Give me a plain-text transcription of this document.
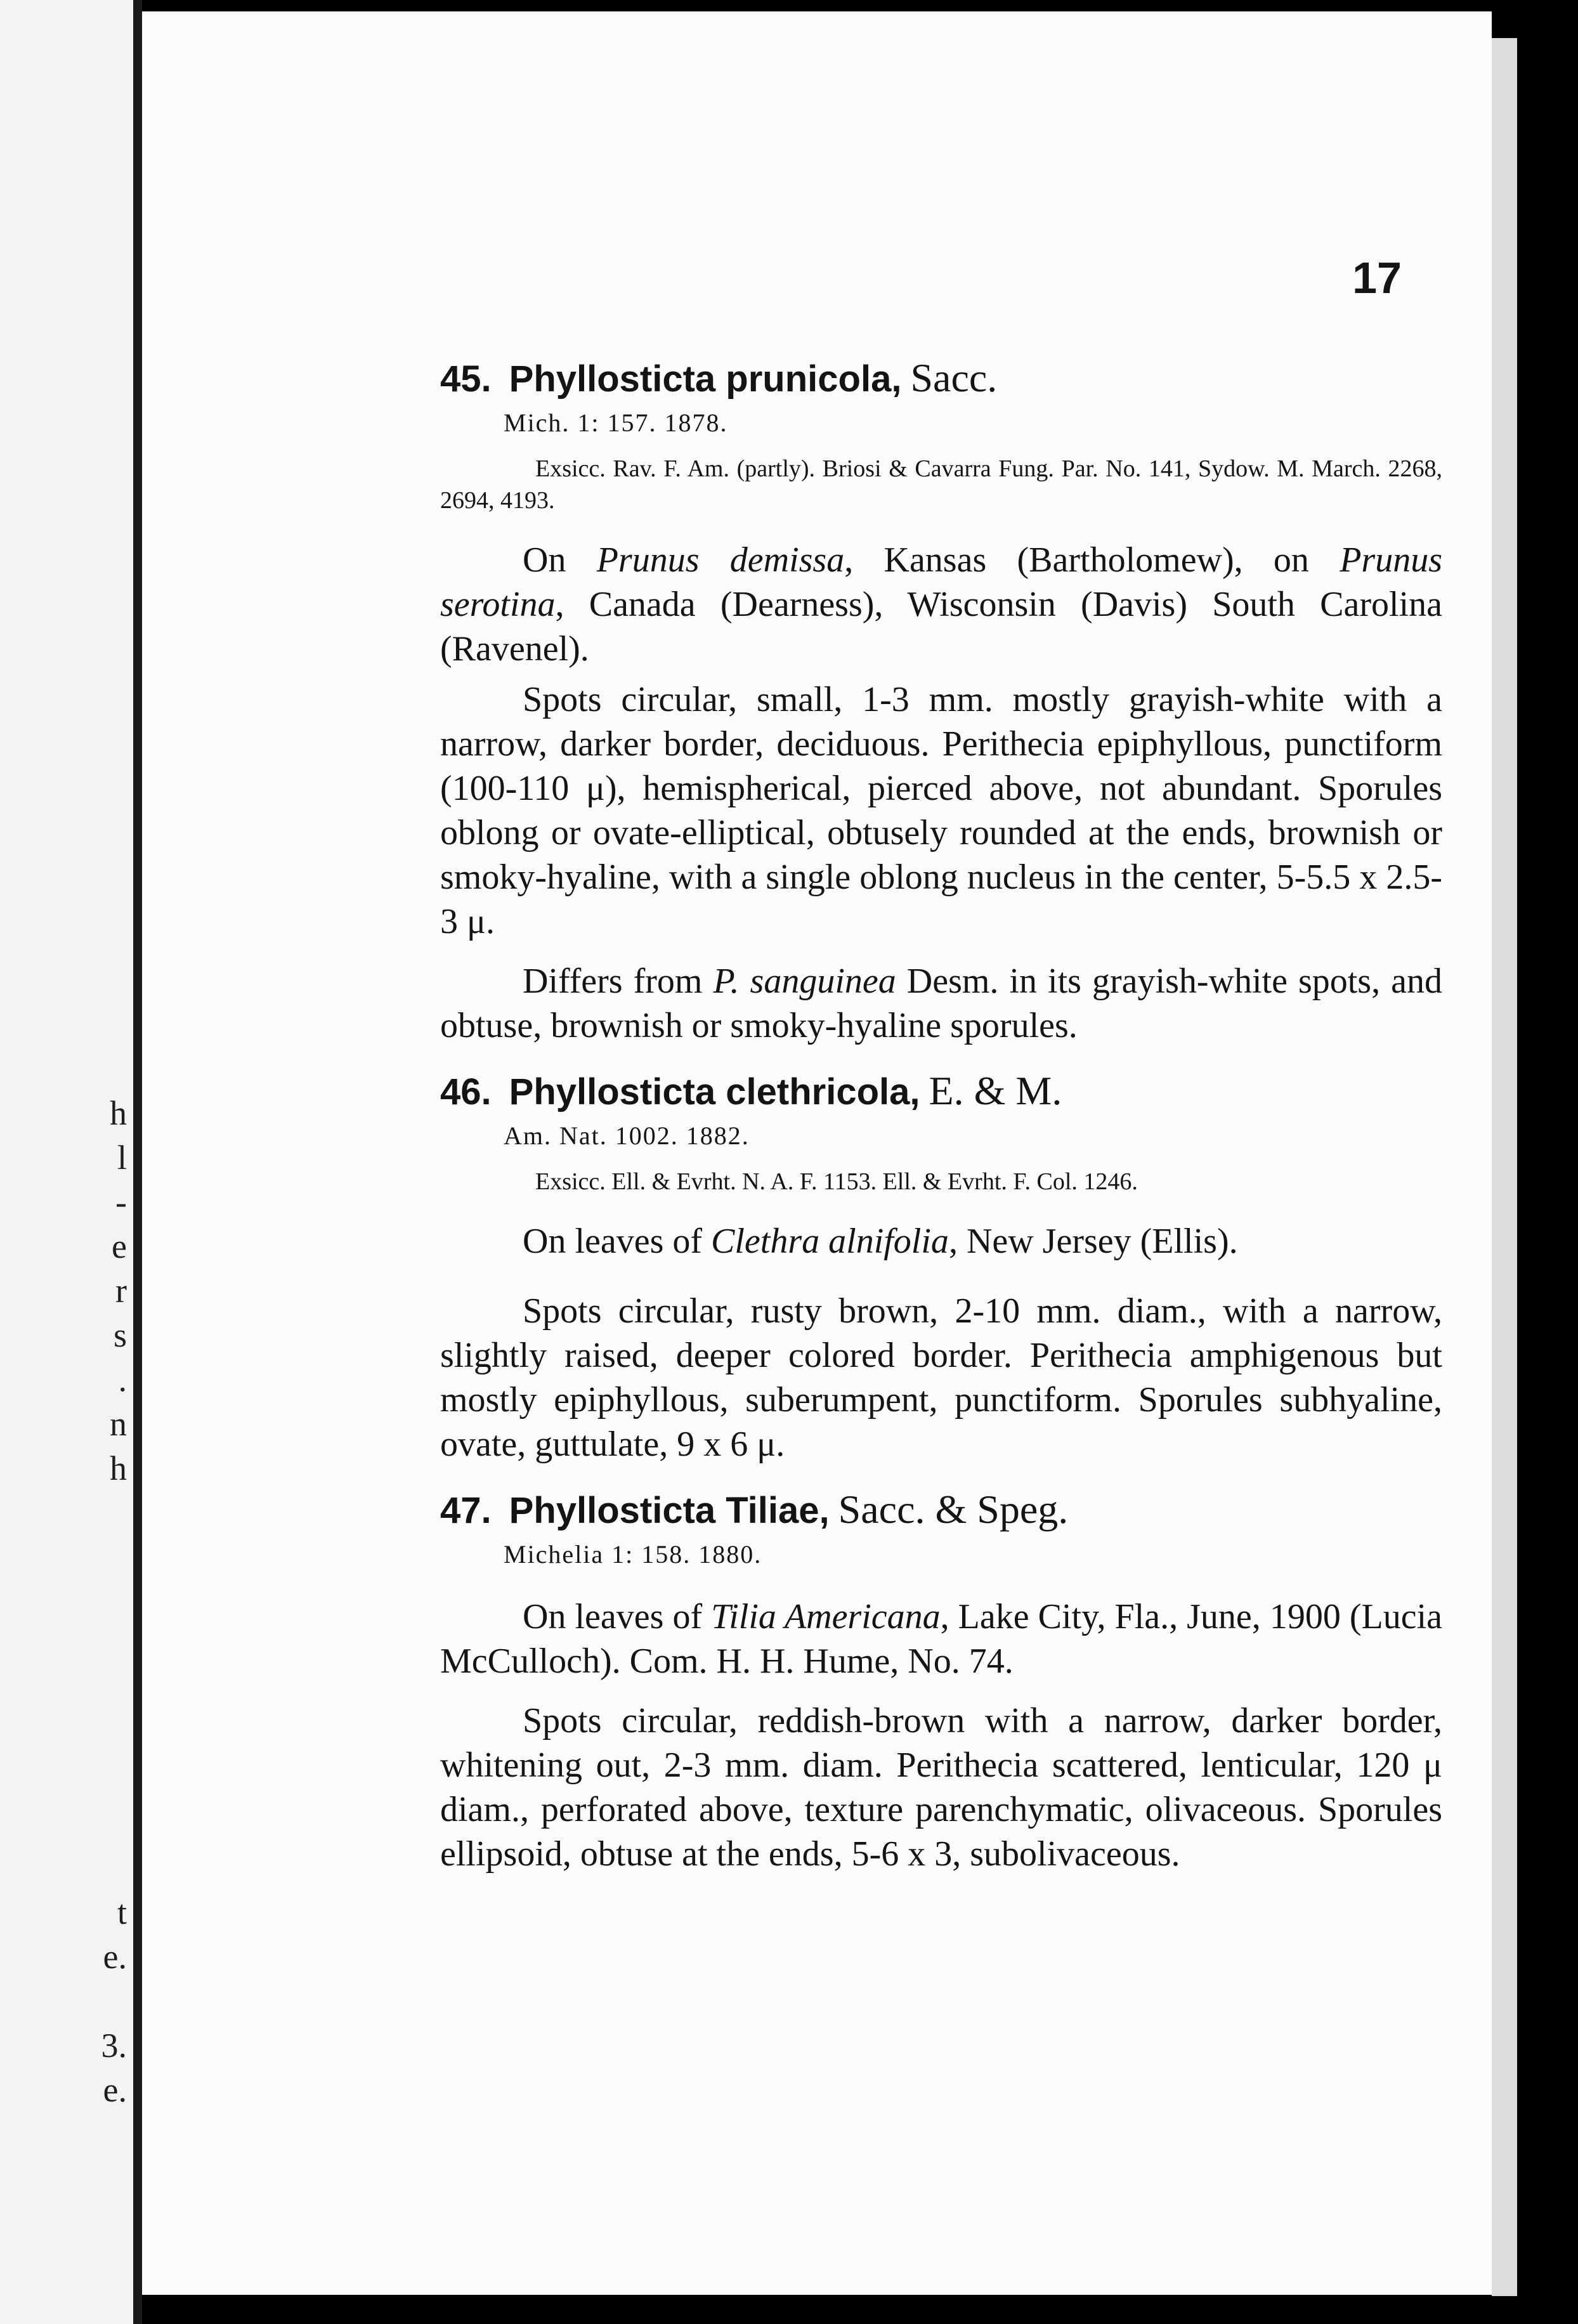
h
l
-
e
r
s
.
n
h

t
e.

3.
e.
17
45. Phyllosticta prunicola, Sacc.
Mich. 1: 157. 1878.
Exsicc. Rav. F. Am. (partly). Briosi & Cavarra Fung. Par. No. 141, Sydow. M. March. 2268, 2694, 4193.
On Prunus demissa, Kansas (Bartholomew), on Prunus serotina, Canada (Dearness), Wisconsin (Davis) South Carolina (Ravenel).
Spots circular, small, 1-3 mm. mostly grayish-white with a narrow, darker border, deciduous. Perithecia epiphyllous, punctiform (100-110 μ), hemispherical, pierced above, not abundant. Sporules oblong or ovate-elliptical, obtusely rounded at the ends, brownish or smoky-hyaline, with a single oblong nucleus in the center, 5-5.5 x 2.5-3 μ.
Differs from P. sanguinea Desm. in its grayish-white spots, and obtuse, brownish or smoky-hyaline sporules.
46. Phyllosticta clethricola, E. & M.
Am. Nat. 1002. 1882.
Exsicc. Ell. & Evrht. N. A. F. 1153. Ell. & Evrht. F. Col. 1246.
On leaves of Clethra alnifolia, New Jersey (Ellis).
Spots circular, rusty brown, 2-10 mm. diam., with a narrow, slightly raised, deeper colored border. Perithecia amphigenous but mostly epiphyllous, suberumpent, punctiform. Sporules subhyaline, ovate, guttulate, 9 x 6 μ.
47. Phyllosticta Tiliae, Sacc. & Speg.
Michelia 1: 158. 1880.
On leaves of Tilia Americana, Lake City, Fla., June, 1900 (Lucia McCulloch). Com. H. H. Hume, No. 74.
Spots circular, reddish-brown with a narrow, darker border, whitening out, 2-3 mm. diam. Perithecia scattered, lenticular, 120 μ diam., perforated above, texture parenchymatic, olivaceous. Sporules ellipsoid, obtuse at the ends, 5-6 x 3, subolivaceous.
